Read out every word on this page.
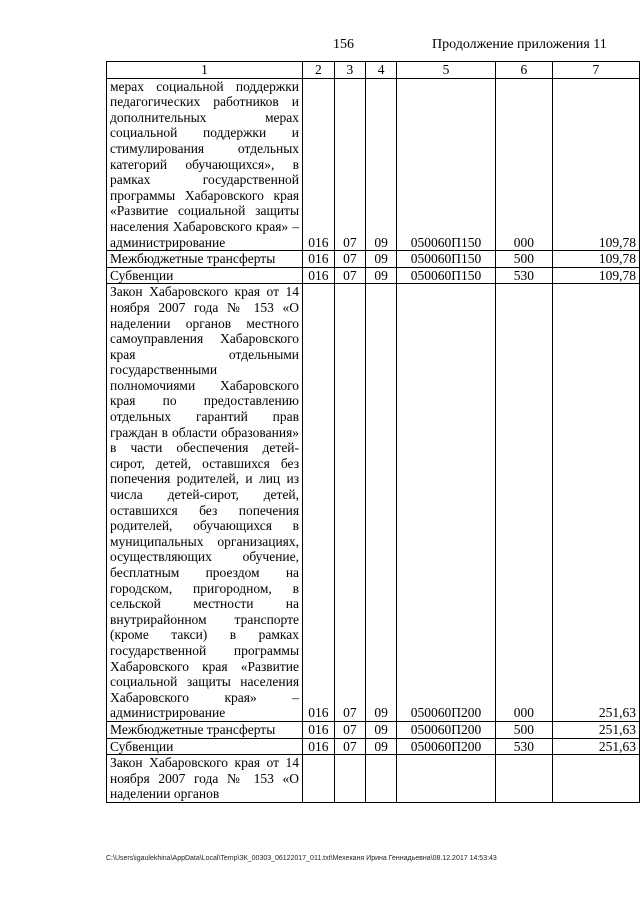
156	Продолжение приложения 11
1	2	3	4	5	6	7
мерах социальной поддержки педагогических работников и дополнительных мерах социальной поддержки и стимулирования отдельных категорий обучающихся», в рамках государственной программы Хабаровского края «Развитие социальной защиты населения Хабаровского края» – администрирование	016	07	09	050060П150	000	109,78
Межбюджетные трансферты	016	07	09	050060П150	500	109,78
Субвенции	016	07	09	050060П150	530	109,78
Закон Хабаровского края от 14 ноября 2007 года № 153 «О наделении органов местного самоуправления Хабаровского края отдельными государственными полномочиями Хабаровского края по предоставлению отдельных гарантий прав граждан в области образования» в части обеспечения детей-сирот, детей, оставшихся без попечения родителей, и лиц из числа детей-сирот, детей, оставшихся без попечения родителей, обучающихся в муниципальных организациях, осуществляющих обучение, бесплатным проездом на городском, пригородном, в сельской местности на внутрирайонном транспорте (кроме такси) в рамках государственной программы Хабаровского края «Развитие социальной защиты населения Хабаровского края» – администрирование	016	07	09	050060П200	000	251,63
Межбюджетные трансферты	016	07	09	050060П200	500	251,63
Субвенции	016	07	09	050060П200	530	251,63
Закон Хабаровского края от 14 ноября 2007 года № 153 «О наделении органов						
C:\Users\igaulekhina\AppData\Local\Temp\ЗК_00303_06122017_011.txt\Мехеканя Ирина Геннадьевна\08.12.2017 14:53:43
